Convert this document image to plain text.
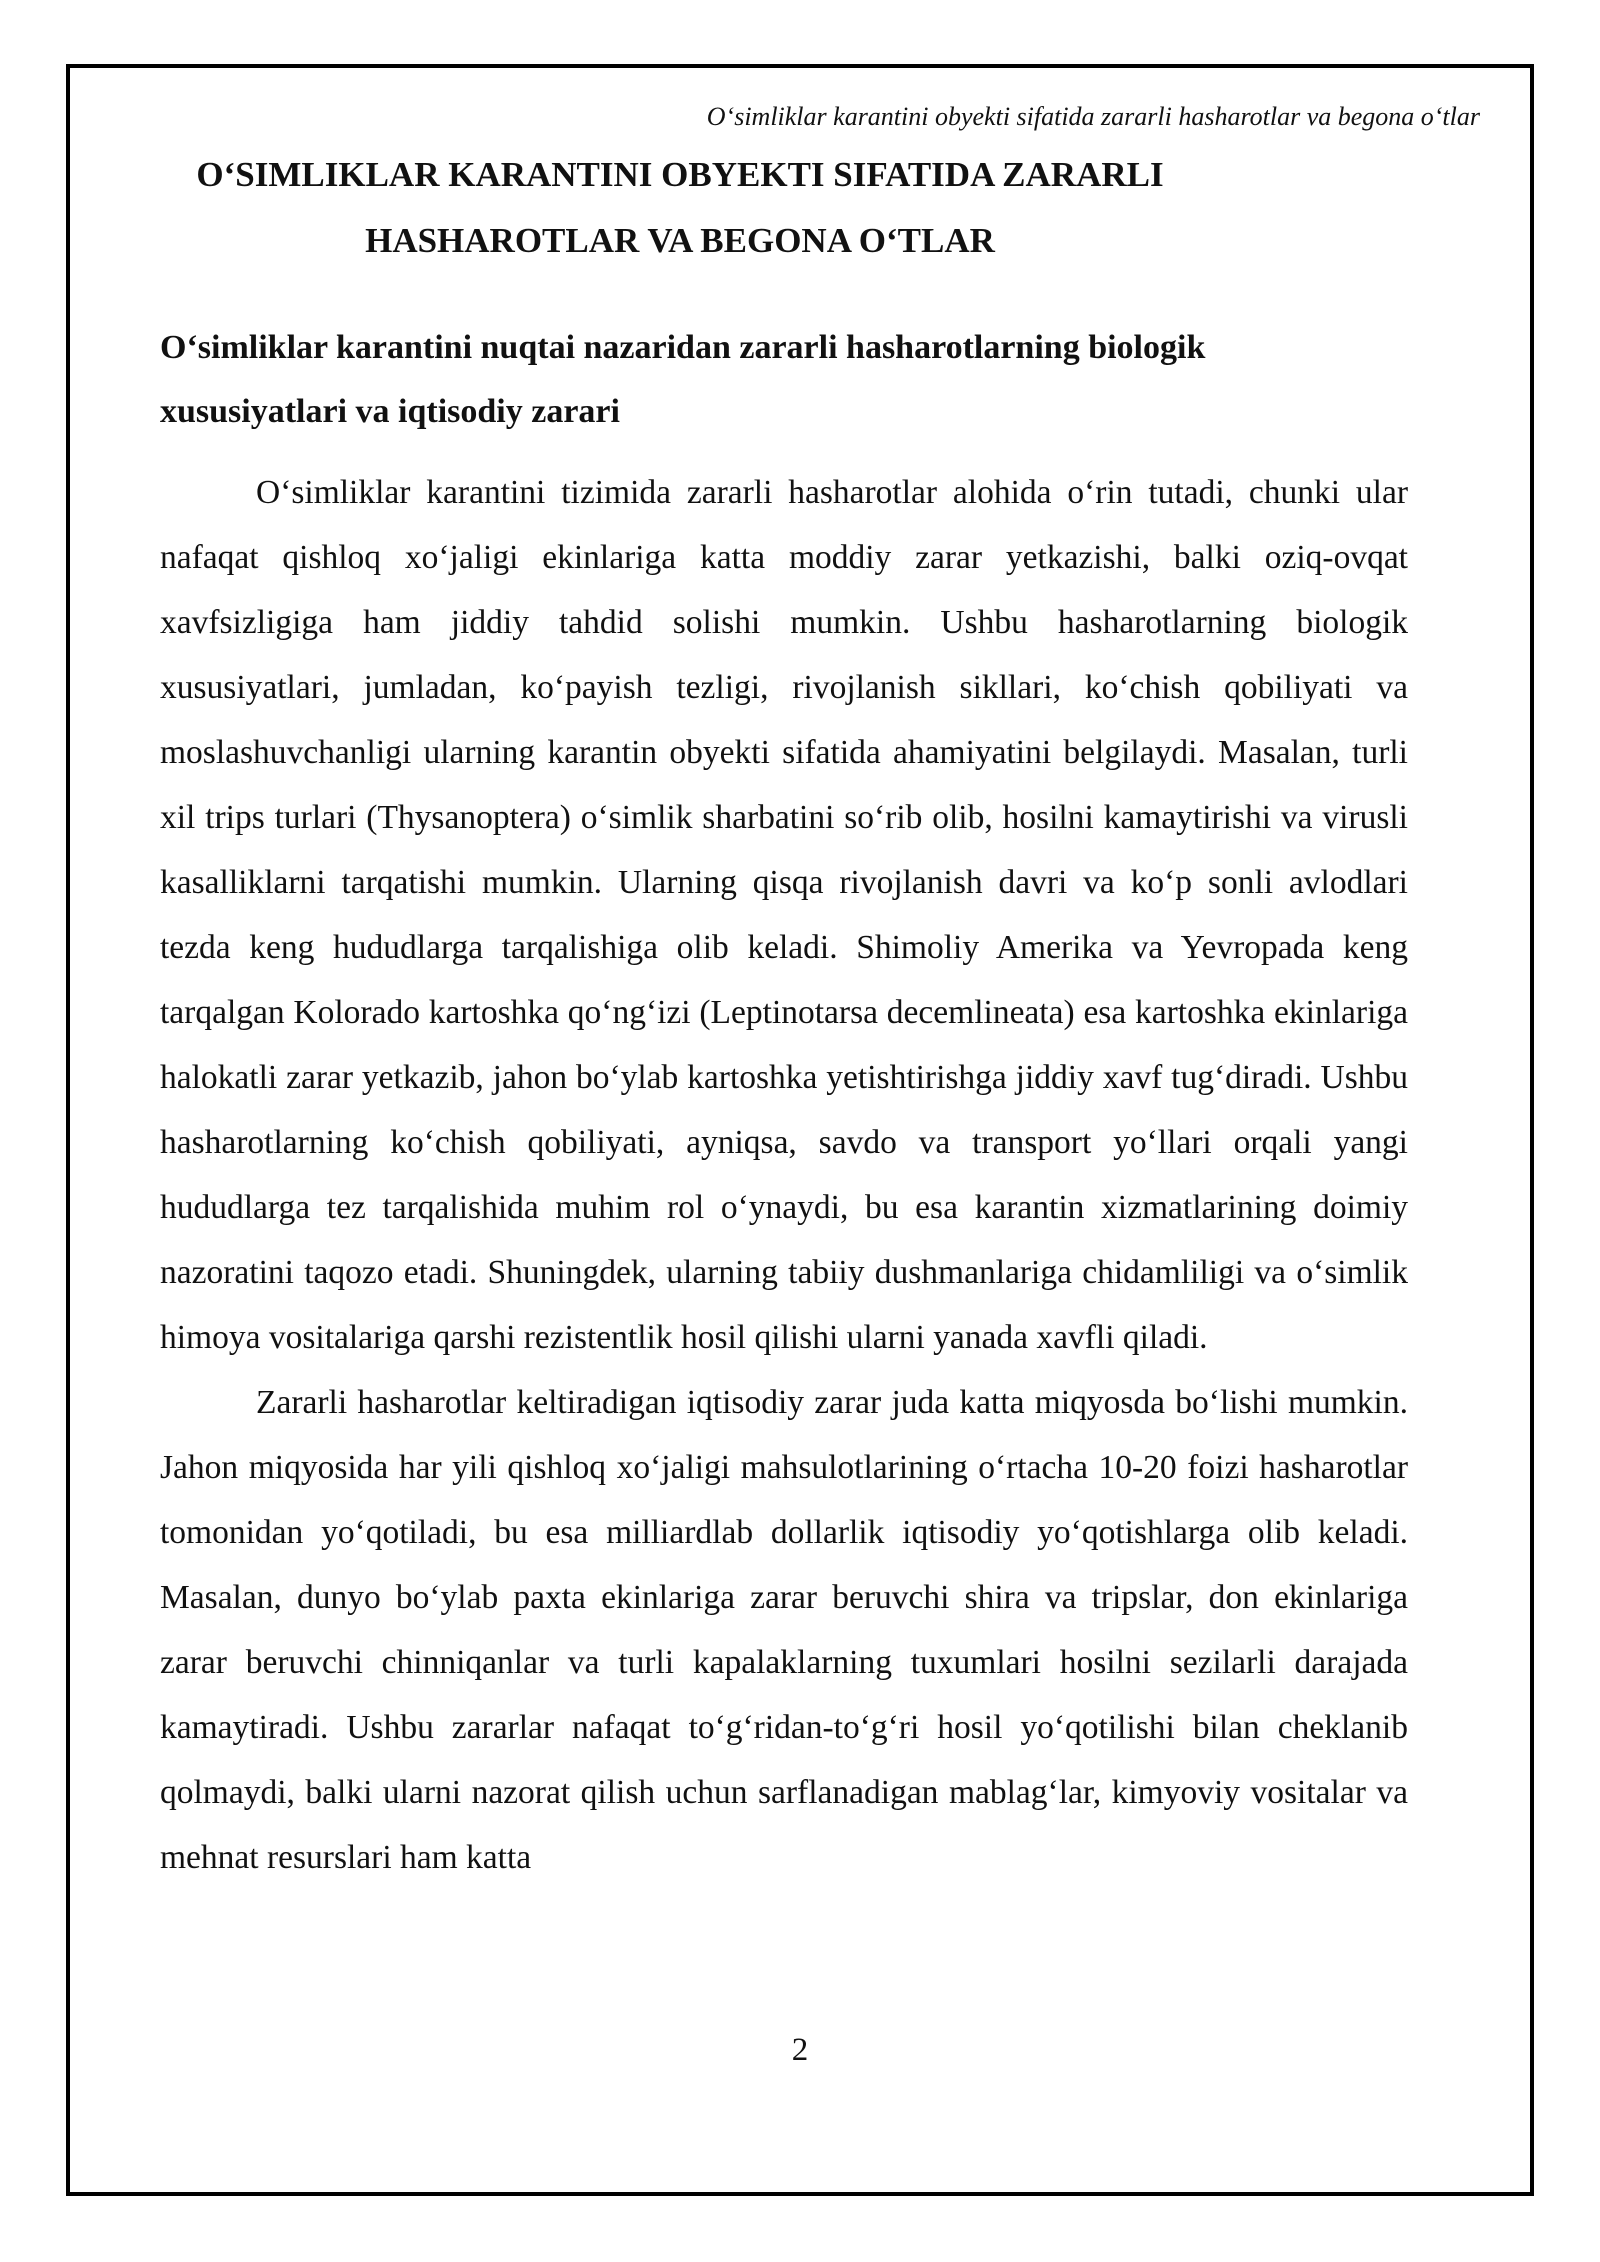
O‘simliklar karantini obyekti sifatida zararli hasharotlar va begona o‘tlar
O‘SIMLIKLAR KARANTINI OBYEKTI SIFATIDA ZARARLI
HASHAROTLAR VA BEGONA O‘TLAR
O‘simliklar karantini nuqtai nazaridan zararli hasharotlarning biologik xususiyatlari va iqtisodiy zarari

O‘simliklar karantini tizimida zararli hasharotlar alohida o‘rin tutadi, chunki ular nafaqat qishloq xo‘jaligi ekinlariga katta moddiy zarar yetkazishi, balki oziq-ovqat xavfsizligiga ham jiddiy tahdid solishi mumkin. Ushbu hasharotlarning biologik xususiyatlari, jumladan, ko‘payish tezligi, rivojlanish sikllari, ko‘chish qobiliyati va moslashuvchanligi ularning karantin obyekti sifatida ahamiyatini belgilaydi. Masalan, turli xil trips turlari (Thysanoptera) o‘simlik sharbatini so‘rib olib, hosilni kamaytirishi va virusli kasalliklarni tarqatishi mumkin. Ularning qisqa rivojlanish davri va ko‘p sonli avlodlari tezda keng hududlarga tarqalishiga olib keladi. Shimoliy Amerika va Yevropada keng tarqalgan Kolorado kartoshka qo‘ng‘izi (Leptinotarsa decemlineata) esa kartoshka ekinlariga halokatli zarar yetkazib, jahon bo‘ylab kartoshka yetishtirishga jiddiy xavf tug‘diradi. Ushbu hasharotlarning ko‘chish qobiliyati, ayniqsa, savdo va transport yo‘llari orqali yangi hududlarga tez tarqalishida muhim rol o‘ynaydi, bu esa karantin xizmatlarining doimiy nazoratini taqozo etadi. Shuningdek, ularning tabiiy dushmanlariga chidamliligi va o‘simlik himoya vositalariga qarshi rezistentlik hosil qilishi ularni yanada xavfli qiladi.

Zararli hasharotlar keltiradigan iqtisodiy zarar juda katta miqyosda bo‘lishi mumkin. Jahon miqyosida har yili qishloq xo‘jaligi mahsulotlarining o‘rtacha 10-20 foizi hasharotlar tomonidan yo‘qotiladi, bu esa milliardlab dollarlik iqtisodiy yo‘qotishlarga olib keladi. Masalan, dunyo bo‘ylab paxta ekinlariga zarar beruvchi shira va tripslar, don ekinlariga zarar beruvchi chinniqanlar va turli kapalaklarning tuxumlari hosilni sezilarli darajada kamaytiradi. Ushbu zararlar nafaqat to‘g‘ridan-to‘g‘ri hosil yo‘qotilishi bilan cheklanib qolmaydi, balki ularni nazorat qilish uchun sarflanadigan mablag‘lar, kimyoviy vositalar va mehnat resurslari ham katta

2
